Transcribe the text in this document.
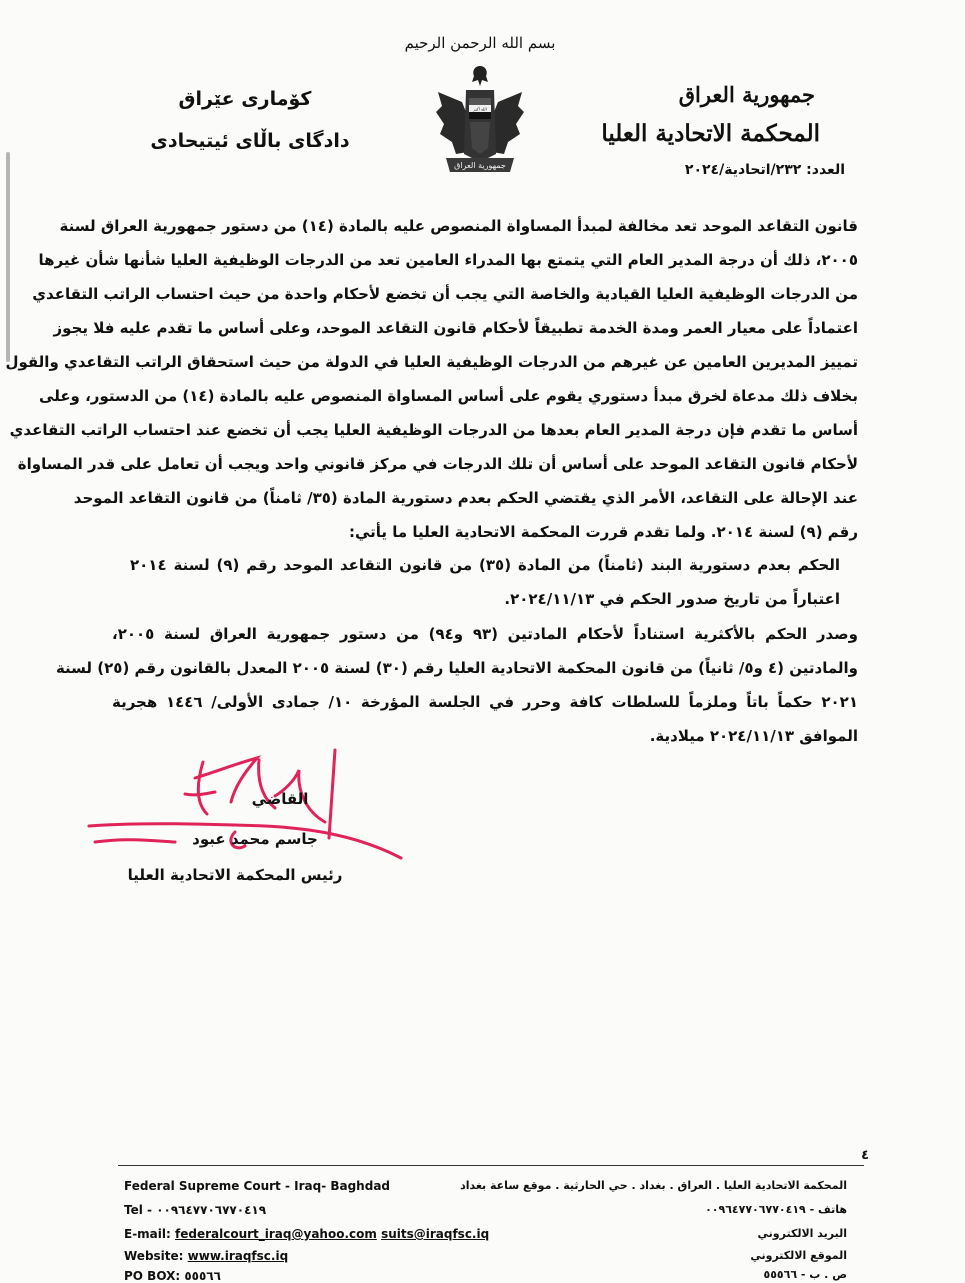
بسم الله الرحمن الرحيم
جمهورية العراق
المحكمة الاتحادية العليا
العدد: ٢٣٢/اتحادية/٢٠٢٤
كۆماری عێراق
دادگای باڵای ئیتیحادی
الله أكبر
جمهورية العراق
قانون التقاعد الموحد تعد مخالفة لمبدأ المساواة المنصوص عليه بالمادة (١٤) من دستور جمهورية العراق لسنة
٢٠٠٥، ذلك أن درجة المدير العام التي يتمتع بها المدراء العامين تعد من الدرجات الوظيفية العليا شأنها شأن غيرها
من الدرجات الوظيفية العليا القيادية والخاصة التي يجب أن تخضع لأحكام واحدة من حيث احتساب الراتب التقاعدي
اعتماداً على معيار العمر ومدة الخدمة تطبيقاً لأحكام قانون التقاعد الموحد، وعلى أساس ما تقدم عليه فلا يجوز
تمييز المديرين العامين عن غيرهم من الدرجات الوظيفية العليا في الدولة من حيث استحقاق الراتب التقاعدي والقول
بخلاف ذلك مدعاة لخرق مبدأ دستوري يقوم على أساس المساواة المنصوص عليه بالمادة (١٤) من الدستور، وعلى
أساس ما تقدم فإن درجة المدير العام بعدها من الدرجات الوظيفية العليا يجب أن تخضع عند احتساب الراتب التقاعدي
لأحكام قانون التقاعد الموحد على أساس أن تلك الدرجات في مركز قانوني واحد ويجب أن تعامل على قدر المساواة
عند الإحالة على التقاعد، الأمر الذي يقتضي الحكم بعدم دستورية المادة (٣٥/ ثامناً) من قانون التقاعد الموحد
رقم (٩) لسنة ٢٠١٤. ولما تقدم قررت المحكمة الاتحادية العليا ما يأتي:
الحكم بعدم دستورية البند (ثامناً) من المادة (٣٥) من قانون التقاعد الموحد رقم (٩) لسنة ٢٠١٤
اعتباراً من تاريخ صدور الحكم في ٢٠٢٤/١١/١٣.
وصدر الحكم بالأكثرية استناداً لأحكام المادتين (٩٣ و٩٤) من دستور جمهورية العراق لسنة ٢٠٠٥،
والمادتين (٤ و٥/ ثانياً) من قانون المحكمة الاتحادية العليا رقم (٣٠) لسنة ٢٠٠٥ المعدل بالقانون رقم (٢٥) لسنة
٢٠٢١ حكماً باتاً وملزماً للسلطات كافة وحرر في الجلسة المؤرخة ١٠/ جمادى الأولى/ ١٤٤٦ هجرية
الموافق ٢٠٢٤/١١/١٣ ميلادية.
القاضي
جاسم محمد عبود
رئيس المحكمة الاتحادية العليا
٤
Federal Supreme Court - Iraq- Baghdad
Tel - ٠٠٩٦٤٧٧٠٦٧٧٠٤١٩
E-mail: federalcourt_iraq@yahoo.com suits@iraqfsc.iq
Website: www.iraqfsc.iq
PO BOX: ٥٥٥٦٦
المحكمة الاتحادية العليا . العراق . بغداد . حي الحارثية . موقع ساعة بغداد
هاتف - ٠٠٩٦٤٧٧٠٦٧٧٠٤١٩
البريد الالكتروني
الموقع الالكتروني
ص . ب - ٥٥٥٦٦
